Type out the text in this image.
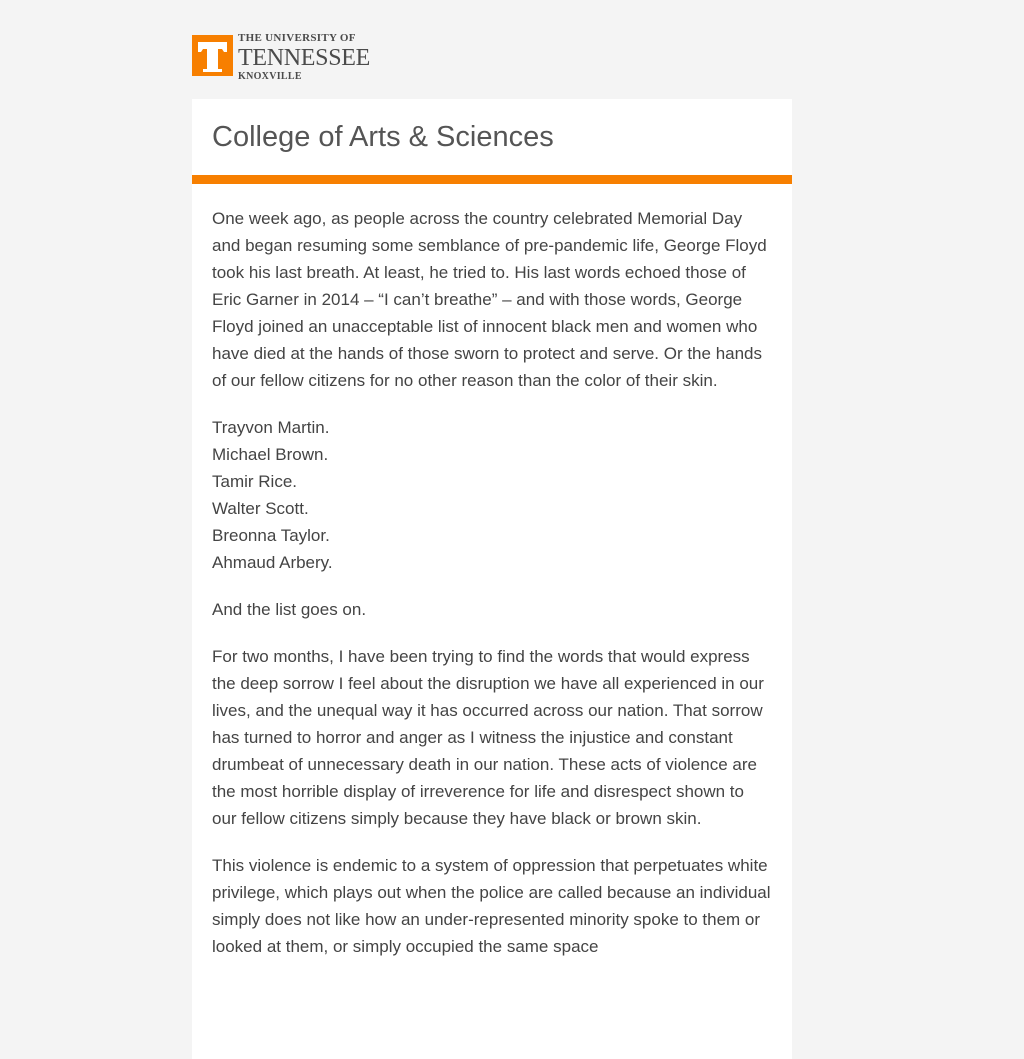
THE UNIVERSITY OF
TENNESSEE
KNOXVILLE
College of Arts & Sciences

One week ago, as people across the country celebrated Memorial Day and began resuming some semblance of pre-pandemic life, George Floyd took his last breath. At least, he tried to. His last words echoed those of Eric Garner in 2014 – “I can’t breathe” – and with those words, George Floyd joined an unacceptable list of innocent black men and women who have died at the hands of those sworn to protect and serve. Or the hands of our fellow citizens for no other reason than the color of their skin.

Trayvon Martin.
Michael Brown.
Tamir Rice.
Walter Scott.
Breonna Taylor.
Ahmaud Arbery.

And the list goes on.

For two months, I have been trying to find the words that would express the deep sorrow I feel about the disruption we have all experienced in our lives, and the unequal way it has occurred across our nation. That sorrow has turned to horror and anger as I witness the injustice and constant drumbeat of unnecessary death in our nation. These acts of violence are the most horrible display of irreverence for life and disrespect shown to our fellow citizens simply because they have black or brown skin.

This violence is endemic to a system of oppression that perpetuates white privilege, which plays out when the police are called because an individual simply does not like how an under-represented minority spoke to them or looked at them, or simply occupied the same space
